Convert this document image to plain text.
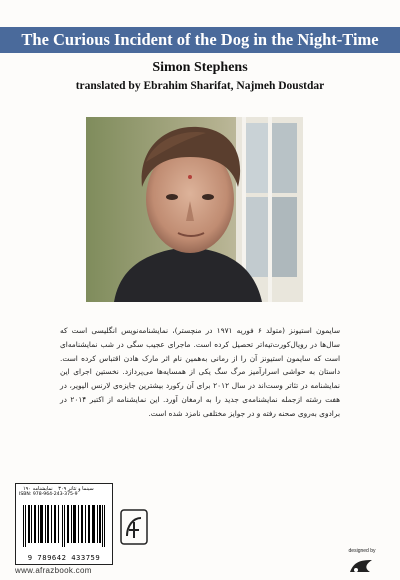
The Curious Incident of the Dog in the Night-Time
Simon Stephens
translated by Ebrahim Sharifat, Najmeh Doustdar

سایمون استیونز (متولد ۶ فوریه ۱۹۷۱ در منچستر)، نمایشنامه‌نویس انگلیسی است که سال‌ها در رویال‌کورت‌تیه‌اتر تحصیل کرده است. ماجرای عجیب سگی در شب نمایشنامه‌ای است که سایمون استیونز آن را از رمانی به‌همین نام اثر مارک هادن اقتباس کرده است. داستان به حواشی اسرارآمیز مرگ سگ یکی از همسایه‌ها می‌پردازد. نخستین اجرای این نمایشنامه در تئاتر وست‌اند در سال ۲۰۱۲ برای آن رکورد بیشترین جایزه‌ی لارنس الیویر، در هفت رشته ازجمله نمایشنامه‌ی جدید را به ارمغان آورد. این نمایشنامه از اکتبر ۲۰۱۴ در برادوی به‌روی صحنه رفته و در جوایز مختلفی نامزد شده است.

سینما و تئاتر ۳۰۹ نمایشنامه ۱۹۰
ISBN: 978-964-243-375-9
9 789642 433759
www.afrazbook.com
designed by
